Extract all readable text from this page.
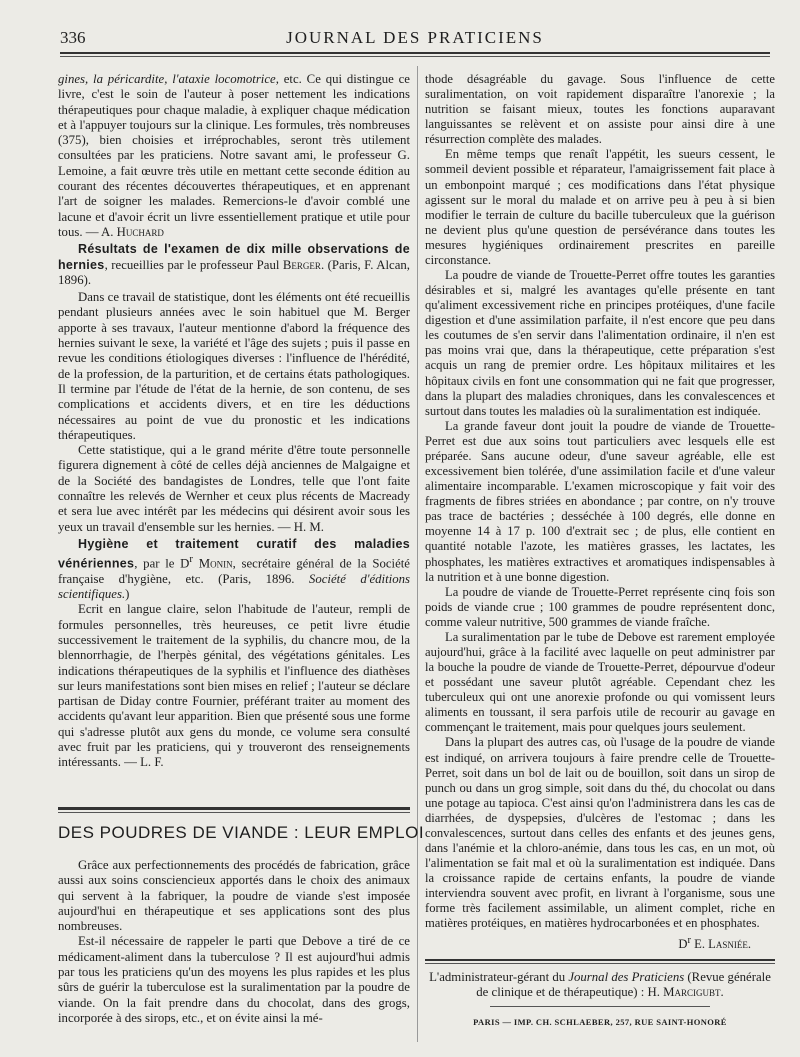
336	JOURNAL DES PRATICIENS

gines, la péricardite, l'ataxie locomotrice, etc. Ce qui distingue ce livre, c'est le soin de l'auteur à poser nettement les indications thérapeutiques pour chaque maladie, à expliquer chaque médication et à l'appuyer toujours sur la clinique. Les formules, très nombreuses (375), bien choisies et irréprochables, seront très utilement consultées par les praticiens. Notre savant ami, le professeur G. Lemoine, a fait œuvre très utile en mettant cette seconde édition au courant des récentes découvertes thérapeutiques, et en apprenant l'art de soigner les malades. Remercions-le d'avoir comblé une lacune et d'avoir écrit un livre essentiellement pratique et utile pour tous. — A. Huchard

Résultats de l'examen de dix mille observations de hernies, recueillies par le professeur Paul Berger. (Paris, F. Alcan, 1896).

Dans ce travail de statistique, dont les éléments ont été recueillis pendant plusieurs années avec le soin habituel que M. Berger apporte à ses travaux, l'auteur mentionne d'abord la fréquence des hernies suivant le sexe, la variété et l'âge des sujets ; puis il passe en revue les conditions étiologiques diverses : l'influence de l'hérédité, de la profession, de la parturition, et de certains états pathologiques. Il termine par l'étude de l'état de la hernie, de son contenu, de ses complications et accidents divers, et en tire les déductions nécessaires au point de vue du pronostic et les indications thérapeutiques.

Cette statistique, qui a le grand mérite d'être toute personnelle figurera dignement à côté de celles déjà anciennes de Malgaigne et de la Société des bandagistes de Londres, telle que l'ont faite connaître les relevés de Wernher et ceux plus récents de Macready et sera lue avec intérêt par les médecins qui désirent avoir sous les yeux un travail d'ensemble sur les hernies. — H. M.

Hygiène et traitement curatif des maladies vénériennes, par le $D^r$ Monin, secrétaire général de la Société française d'hygiène, etc. (Paris, 1896. Société d'éditions scientifiques.)

Ecrit en langue claire, selon l'habitude de l'auteur, rempli de formules personnelles, très heureuses, ce petit livre étudie successivement le traitement de la syphilis, du chancre mou, de la blennorrhagie, de l'herpès génital, des végétations génitales. Les indications thérapeutiques de la syphilis et l'influence des diathèses sur leurs manifestations sont bien mises en relief ; l'auteur se déclare partisan de Diday contre Fournier, préférant traiter au moment des accidents qu'avant leur apparition. Bien que présenté sous une forme qui s'adresse plutôt aux gens du monde, ce volume sera consulté avec fruit par les praticiens, qui y trouveront des renseignements intéressants. — L. F.

DES POUDRES DE VIANDE : LEUR EMPLOI

Grâce aux perfectionnements des procédés de fabrication, grâce aussi aux soins consciencieux apportés dans le choix des animaux qui servent à la fabriquer, la poudre de viande s'est imposée aujourd'hui en thérapeutique et ses applications sont des plus nombreuses.

Est-il nécessaire de rappeler le parti que Debove a tiré de ce médicament-aliment dans la tuberculose ? Il est aujourd'hui admis par tous les praticiens qu'un des moyens les plus rapides et les plus sûrs de guérir la tuberculose est la suralimentation par la poudre de viande. On la fait prendre dans du chocolat, dans des grogs, incorporée à des sirops, etc., et on évite ainsi la mé-

thode désagréable du gavage. Sous l'influence de cette suralimentation, on voit rapidement disparaître l'anorexie ; la nutrition se faisant mieux, toutes les fonctions auparavant languissantes se relèvent et on assiste pour ainsi dire à une résurrection complète des malades.

En même temps que renaît l'appétit, les sueurs cessent, le sommeil devient possible et réparateur, l'amaigrissement fait place à un embonpoint marqué ; ces modifications dans l'état physique agissent sur le moral du malade et on arrive peu à peu à si bien modifier le terrain de culture du bacille tuberculeux que la guérison ne devient plus qu'une question de persévérance dans toutes les mesures hygiéniques ordinairement prescrites en pareille circonstance.

La poudre de viande de Trouette-Perret offre toutes les garanties désirables et si, malgré les avantages qu'elle présente en tant qu'aliment excessivement riche en principes protéiques, d'une facile digestion et d'une assimilation parfaite, il n'est encore que peu dans les coutumes de s'en servir dans l'alimentation ordinaire, il n'en est pas moins vrai que, dans la thérapeutique, cette préparation s'est acquis un rang de premier ordre. Les hôpitaux militaires et les hôpitaux civils en font une consommation qui ne fait que progresser, dans la plupart des maladies chroniques, dans les convalescences et surtout dans toutes les maladies où la suralimentation est indiquée.

La grande faveur dont jouit la poudre de viande de Trouette-Perret est due aux soins tout particuliers avec lesquels elle est préparée. Sans aucune odeur, d'une saveur agréable, elle est excessivement bien tolérée, d'une assimilation facile et d'une valeur alimentaire incomparable. L'examen microscopique y fait voir des fragments de fibres striées en abondance ; par contre, on n'y trouve pas trace de bactéries ; desséchée à 100 degrés, elle donne en moyenne 14 à 17 p. 100 d'extrait sec ; de plus, elle contient en quantité notable l'azote, les matières grasses, les lactates, les phosphates, les matières extractives et aromatiques indispensables à la nutrition et à une bonne digestion.

La poudre de viande de Trouette-Perret représente cinq fois son poids de viande crue ; 100 grammes de poudre représentent donc, comme valeur nutritive, 500 grammes de viande fraîche.

La suralimentation par le tube de Debove est rarement employée aujourd'hui, grâce à la facilité avec laquelle on peut administrer par la bouche la poudre de viande de Trouette-Perret, dépourvue d'odeur et possédant une saveur plutôt agréable. Cependant chez les tuberculeux qui ont une anorexie profonde ou qui vomissent leurs aliments en toussant, il sera parfois utile de recourir au gavage en commençant le traitement, mais pour quelques jours seulement.

Dans la plupart des autres cas, où l'usage de la poudre de viande est indiqué, on arrivera toujours à faire prendre celle de Trouette-Perret, soit dans un bol de lait ou de bouillon, soit dans un sirop de punch ou dans un grog simple, soit dans du thé, du chocolat ou dans une potage au tapioca. C'est ainsi qu'on l'administrera dans les cas de diarrhées, de dyspepsies, d'ulcères de l'estomac ; dans les convalescences, surtout dans celles des enfants et des jeunes gens, dans l'anémie et la chloro-anémie, dans tous les cas, en un mot, où l'alimentation se fait mal et où la suralimentation est indiquée. Dans la croissance rapide de certains enfants, la poudre de viande interviendra souvent avec profit, en livrant à l'organisme, sous une forme très facilement assimilable, un aliment complet, riche en matières protéiques, en matières hydrocarbonées et en phosphates.

$D^r$ E. Lasniée.

L'administrateur-gérant du Journal des Praticiens (Revue générale
de clinique et de thérapeutique) : H. Marcigubt.
PARIS — IMP. CH. SCHLAEBER, 257, RUE SAINT-HONORÉ
